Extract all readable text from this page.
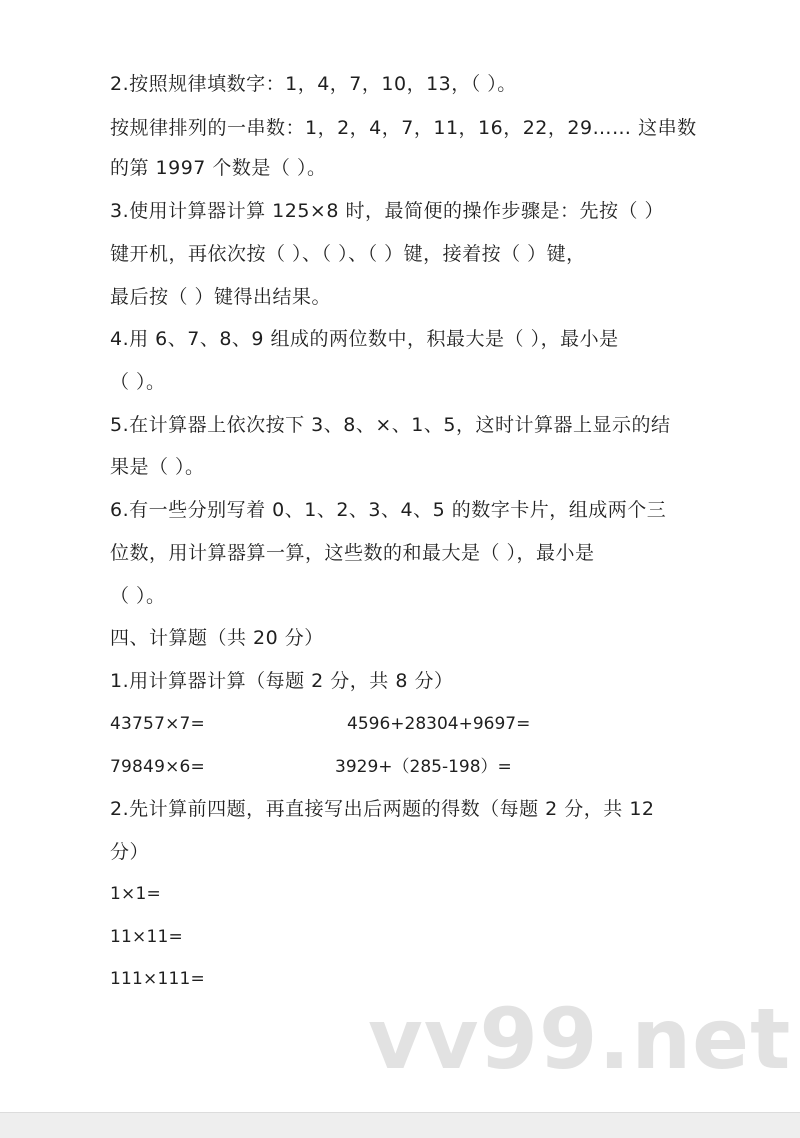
2.按照规律填数字：1，4，7，10，13，（ ）。
按规律排列的一串数：1，2，4，7，11，16，22，29…… 这串数
的第 1997 个数是（ ）。
3.使用计算器计算 125×8 时，最简便的操作步骤是：先按（ ）
键开机，再依次按（ ）、（ ）、（ ）键，接着按（ ）键，
最后按（ ）键得出结果。
4.用 6、7、8、9 组成的两位数中，积最大是（ ），最小是
（ ）。
5.在计算器上依次按下 3、8、×、1、5，这时计算器上显示的结
果是（ ）。
6.有一些分别写着 0、1、2、3、4、5 的数字卡片，组成两个三
位数，用计算器算一算，这些数的和最大是（ ），最小是
（ ）。
四、计算题（共 20 分）
1.用计算器计算（每题 2 分，共 8 分）
43757×7=	4596+28304+9697=
79849×6=	3929+（285-198）=
2.先计算前四题，再直接写出后两题的得数（每题 2 分，共 12
分）
1×1=
11×11=
111×111=
vv99.net
